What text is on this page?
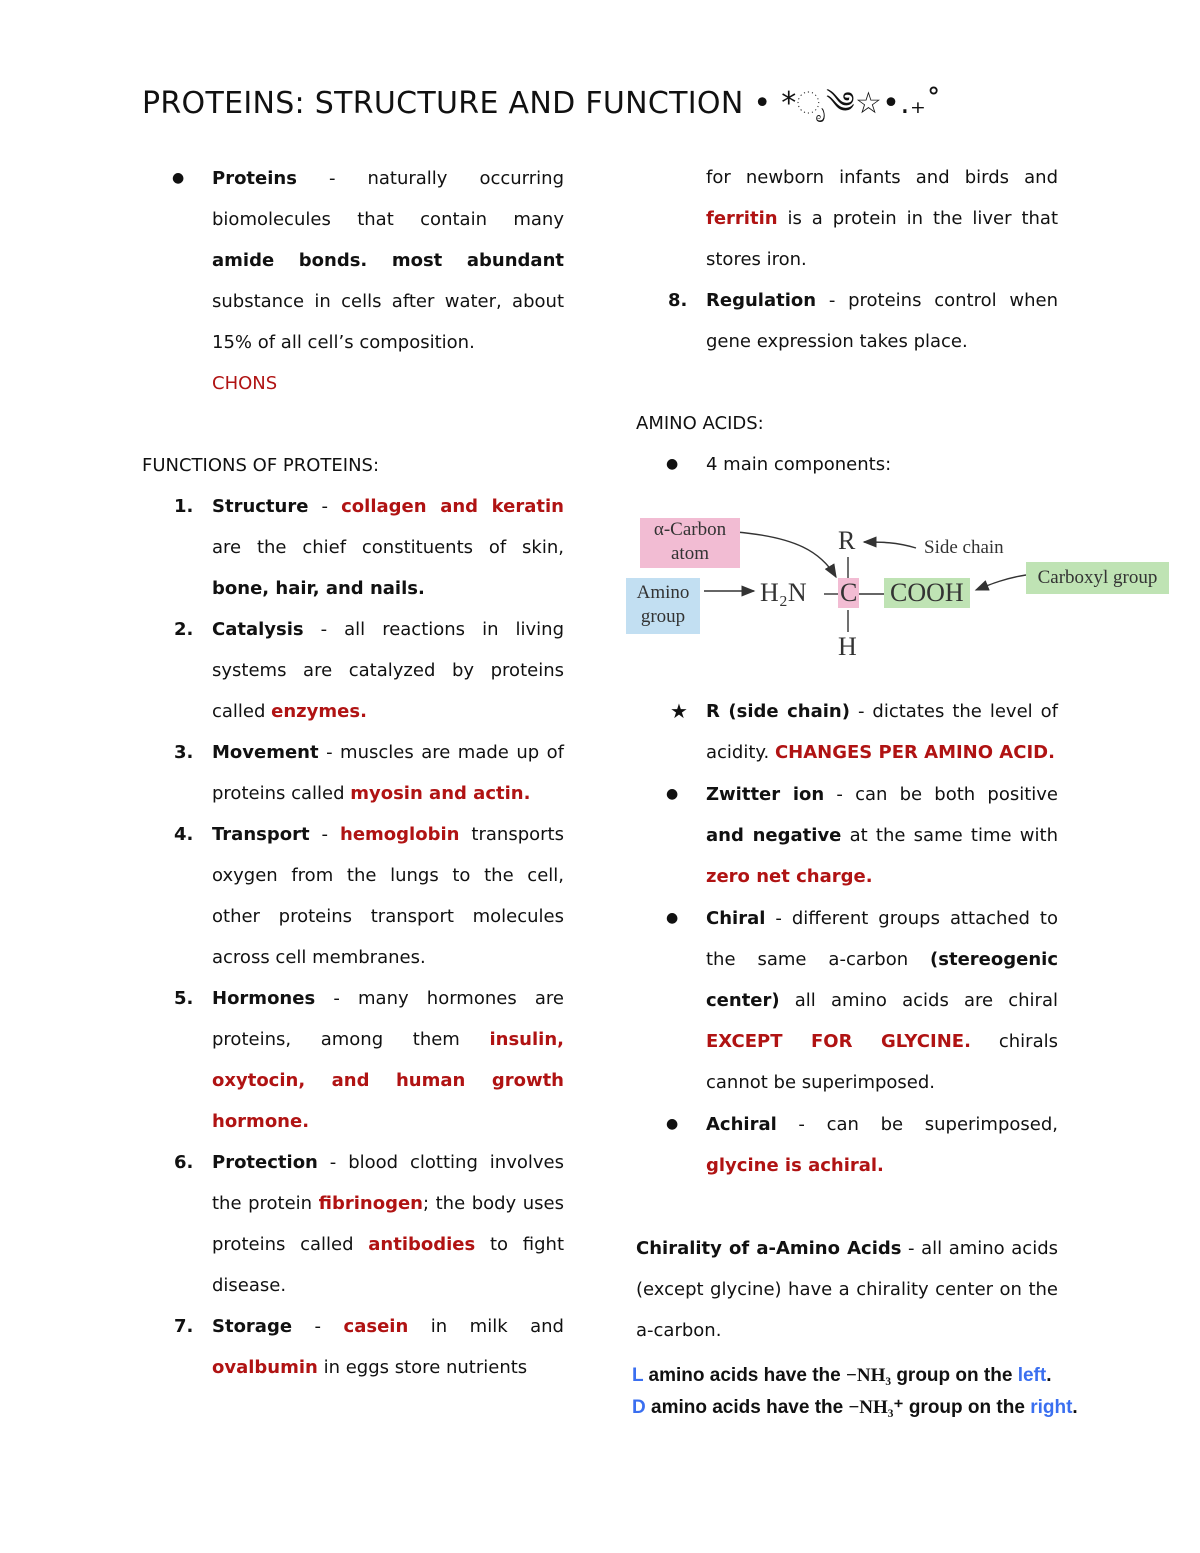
PROTEINS: STRUCTURE AND FUNCTION • *ೃ༄☆•.₊˚
● Proteins - naturally occurring biomolecules that contain many amide bonds. most abundant substance in cells after water, about 15% of all cell’s composition.
CHONS
FUNCTIONS OF PROTEINS:
1. Structure - collagen and keratin are the chief constituents of skin, bone, hair, and nails.
2. Catalysis - all reactions in living systems are catalyzed by proteins called enzymes.
3. Movement - muscles are made up of proteins called myosin and actin.
4. Transport - hemoglobin transports oxygen from the lungs to the cell, other proteins transport molecules across cell membranes.
5. Hormones - many hormones are proteins, among them insulin, oxytocin, and human growth hormone.
6. Protection - blood clotting involves the protein fibrinogen; the body uses proteins called antibodies to fight disease.
7. Storage - casein in milk and ovalbumin in eggs store nutrients
for newborn infants and birds and ferritin is a protein in the liver that stores iron.
8. Regulation - proteins control when gene expression takes place.
AMINO ACIDS:
● 4 main components:
α-Carbon atom
Amino group
Carboxyl group
Side chain
R
H₂N C COOH
H
★ R (side chain) - dictates the level of acidity. CHANGES PER AMINO ACID.
● Zwitter ion - can be both positive and negative at the same time with zero net charge.
● Chiral - different groups attached to the same a-carbon (stereogenic center) all amino acids are chiral EXCEPT FOR GLYCINE. chirals cannot be superimposed.
● Achiral - can be superimposed, glycine is achiral.
Chirality of a-Amino Acids - all amino acids (except glycine) have a chirality center on the a-carbon.
L amino acids have the −NH₃ group on the left.
D amino acids have the −NH₃⁺ group on the right.
